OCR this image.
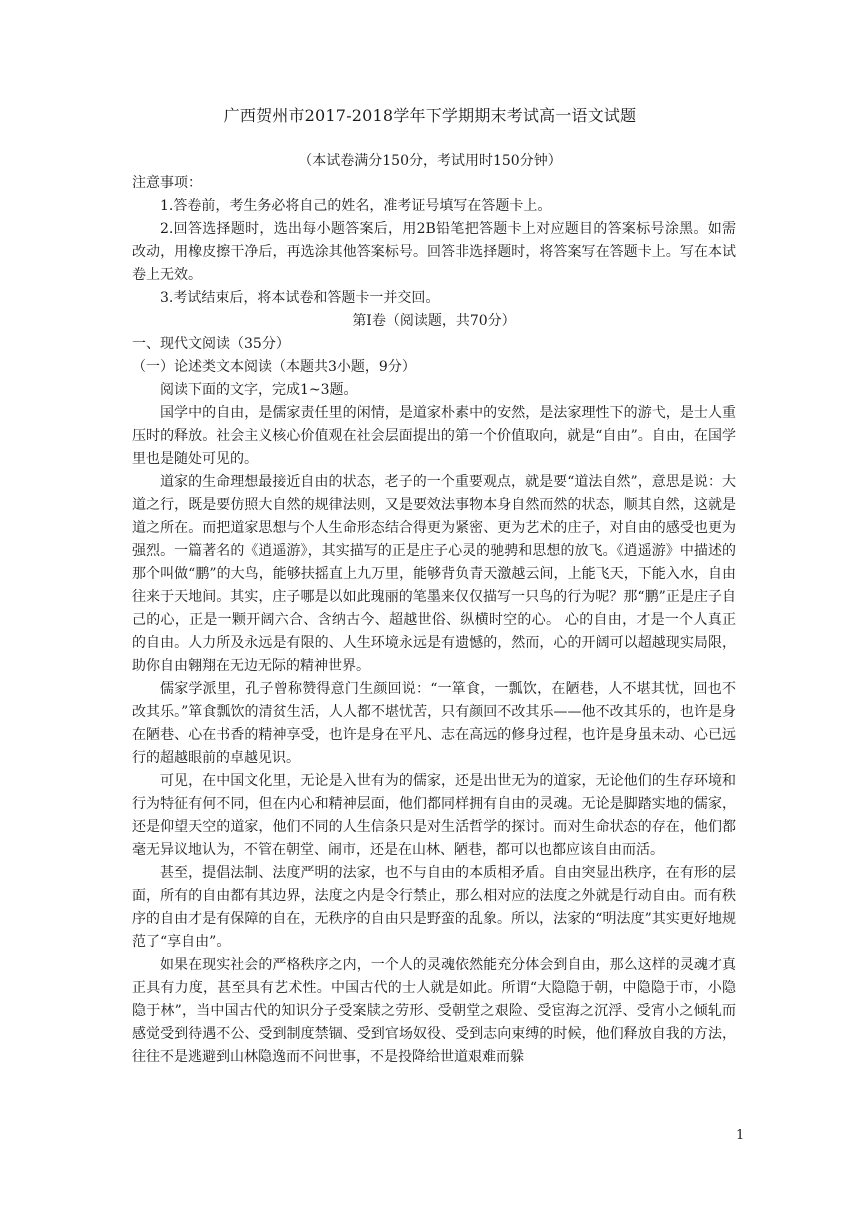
广西贺州市2017-2018学年下学期期末考试高一语文试题
（本试卷满分150分，考试用时150分钟）

注意事项：

1.答卷前，考生务必将自己的姓名，准考证号填写在答题卡上。

2.回答选择题时，选出每小题答案后，用2B铅笔把答题卡上对应题目的答案标号涂黑。如需改动，用橡皮擦干净后，再选涂其他答案标号。回答非选择题时，将答案写在答题卡上。写在本试卷上无效。

3.考试结束后，将本试卷和答题卡一并交回。

第Ⅰ卷（阅读题，共70分）

一、现代文阅读（35分）

（一）论述类文本阅读（本题共3小题，9分）

阅读下面的文字，完成1~3题。

国学中的自由，是儒家责任里的闲情，是道家朴素中的安然，是法家理性下的游弋，是士人重压时的释放。社会主义核心价值观在社会层面提出的第一个价值取向，就是“自由”。自由，在国学里也是随处可见的。

道家的生命理想最接近自由的状态，老子的一个重要观点，就是要“道法自然”，意思是说：大道之行，既是要仿照大自然的规律法则，又是要效法事物本身自然而然的状态，顺其自然，这就是道之所在。而把道家思想与个人生命形态结合得更为紧密、更为艺术的庄子，对自由的感受也更为强烈。一篇著名的《逍遥游》，其实描写的正是庄子心灵的驰骋和思想的放飞。《逍遥游》中描述的那个叫做“鹏”的大鸟，能够扶摇直上九万里，能够背负青天激越云间，上能飞天，下能入水，自由往来于天地间。其实，庄子哪是以如此瑰丽的笔墨来仅仅描写一只鸟的行为呢？那“鹏”正是庄子自己的心，正是一颗开阔六合、含纳古今、超越世俗、纵横时空的心。 心的自由，才是一个人真正的自由。人力所及永远是有限的、人生环境永远是有遗憾的，然而，心的开阔可以超越现实局限，助你自由翱翔在无边无际的精神世界。

儒家学派里，孔子曾称赞得意门生颜回说：“一箪食，一瓢饮，在陋巷，人不堪其忧，回也不改其乐。”箪食瓢饮的清贫生活，人人都不堪忧苦，只有颜回不改其乐——他不改其乐的，也许是身在陋巷、心在书香的精神享受，也许是身在平凡、志在高远的修身过程，也许是身虽未动、心已远行的超越眼前的卓越见识。

可见，在中国文化里，无论是入世有为的儒家，还是出世无为的道家，无论他们的生存环境和行为特征有何不同，但在内心和精神层面，他们都同样拥有自由的灵魂。无论是脚踏实地的儒家，还是仰望天空的道家，他们不同的人生信条只是对生活哲学的探讨。而对生命状态的存在，他们都毫无异议地认为，不管在朝堂、闹市，还是在山林、陋巷，都可以也都应该自由而活。

甚至，提倡法制、法度严明的法家，也不与自由的本质相矛盾。自由突显出秩序，在有形的层面，所有的自由都有其边界，法度之内是令行禁止，那么相对应的法度之外就是行动自由。而有秩序的自由才是有保障的自在，无秩序的自由只是野蛮的乱象。所以，法家的“明法度”其实更好地规范了“享自由”。

如果在现实社会的严格秩序之内，一个人的灵魂依然能充分体会到自由，那么这样的灵魂才真正具有力度，甚至具有艺术性。中国古代的士人就是如此。所谓“大隐隐于朝，中隐隐于市，小隐隐于林”，当中国古代的知识分子受案牍之劳形、受朝堂之艰险、受宦海之沉浮、受宵小之倾轧而感觉受到待遇不公、受到制度禁锢、受到官场奴役、受到志向束缚的时候，他们释放自我的方法，往往不是逃避到山林隐逸而不问世事，不是投降给世道艰难而躲

1
